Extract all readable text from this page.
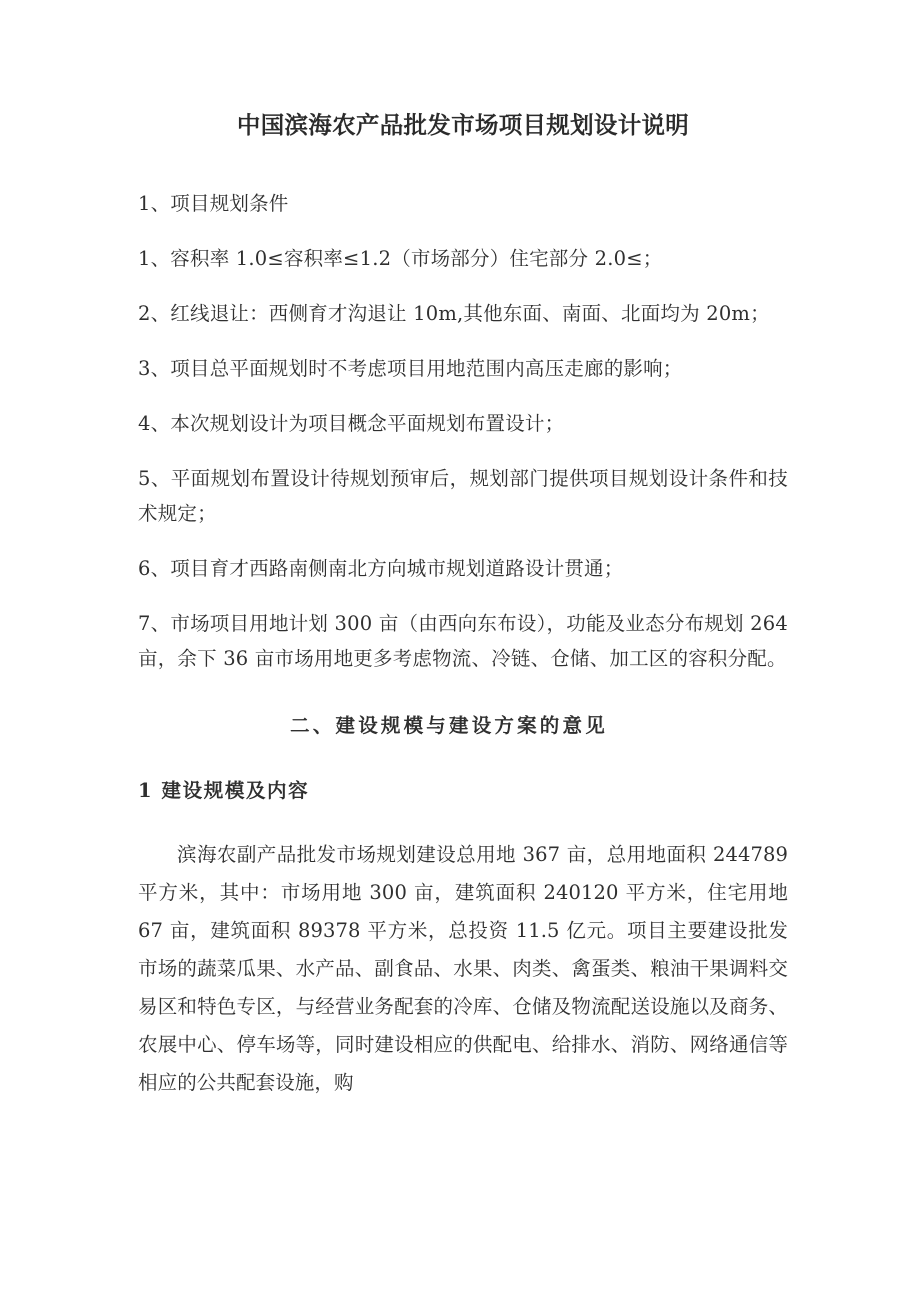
中国滨海农产品批发市场项目规划设计说明

1、项目规划条件

1、容积率 1.0≤容积率≤1.2（市场部分）住宅部分 2.0≤；

2、红线退让：西侧育才沟退让 10m,其他东面、南面、北面均为 20m；

3、项目总平面规划时不考虑项目用地范围内高压走廊的影响；

4、本次规划设计为项目概念平面规划布置设计；

5、平面规划布置设计待规划预审后，规划部门提供项目规划设计条件和技术规定；

6、项目育才西路南侧南北方向城市规划道路设计贯通；

7、市场项目用地计划 300 亩（由西向东布设），功能及业态分布规划 264 亩，余下 36 亩市场用地更多考虑物流、冷链、仓储、加工区的容积分配。

二、建设规模与建设方案的意见
1 建设规模及内容

滨海农副产品批发市场规划建设总用地 367 亩，总用地面积 244789 平方米，其中：市场用地 300 亩，建筑面积 240120 平方米，住宅用地 67 亩，建筑面积 89378 平方米，总投资 11.5 亿元。项目主要建设批发市场的蔬菜瓜果、水产品、副食品、水果、肉类、禽蛋类、粮油干果调料交易区和特色专区，与经营业务配套的冷库、仓储及物流配送设施以及商务、农展中心、停车场等，同时建设相应的供配电、给排水、消防、网络通信等相应的公共配套设施，购
